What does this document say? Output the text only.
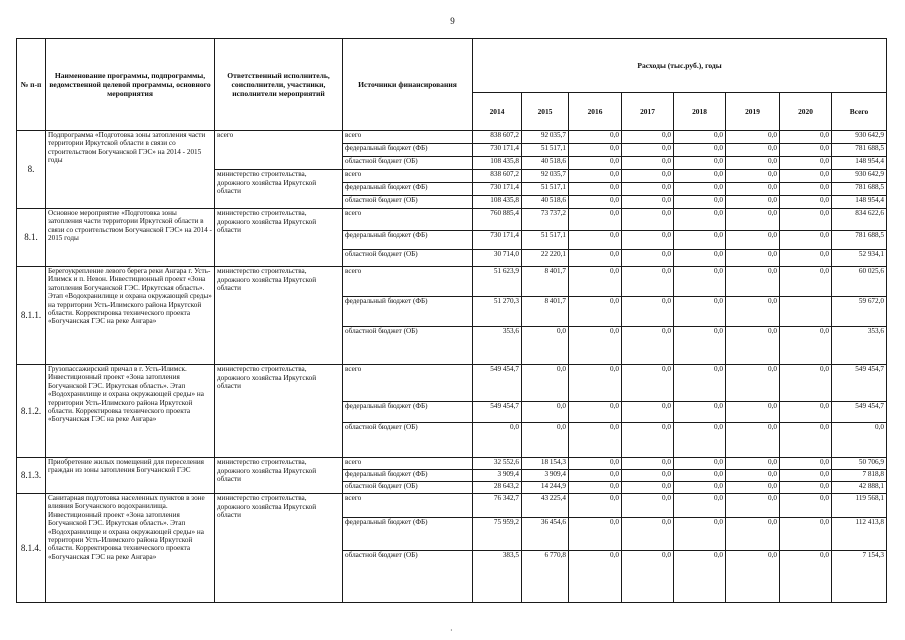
9
№ п-п	Наименование программы, подпрограммы, ведомственной целевой программы, основного мероприятия	Ответственный исполнитель, соисполнители, участники, исполнители мероприятий	Источники финансирования	Расходы (тыс.руб.), годы							
				2014	2015	2016	2017	2018	2019	2020	Всего
8.	Подпрограмма «Подготовка зоны затопления части территории Иркутской области в связи со строительством Богучанской ГЭС» на 2014 - 2015 годы	всего	всего	838 607,2	92 035,7	0,0	0,0	0,0	0,0	0,0	930 642,9
			федеральный бюджет (ФБ)	730 171,4	51 517,1	0,0	0,0	0,0	0,0	0,0	781 688,5
			областной бюджет (ОБ)	108 435,8	40 518,6	0,0	0,0	0,0	0,0	0,0	148 954,4
		министерство строительства, дорожного хозяйства Иркутской области	всего	838 607,2	92 035,7	0,0	0,0	0,0	0,0	0,0	930 642,9
			федеральный бюджет (ФБ)	730 171,4	51 517,1	0,0	0,0	0,0	0,0	0,0	781 688,5
			областной бюджет (ОБ)	108 435,8	40 518,6	0,0	0,0	0,0	0,0	0,0	148 954,4
8.1.	Основное мероприятие «Подготовка зоны затопления части территории Иркутской области в связи со строительством Богучанской ГЭС» на 2014 - 2015 годы	министерство строительства, дорожного хозяйства Иркутской области	всего	760 885,4	73 737,2	0,0	0,0	0,0	0,0	0,0	834 622,6
			федеральный бюджет (ФБ)	730 171,4	51 517,1	0,0	0,0	0,0	0,0	0,0	781 688,5
			областной бюджет (ОБ)	30 714,0	22 220,1	0,0	0,0	0,0	0,0	0,0	52 934,1
8.1.1.	Берегоукрепление левого берега реки Ангара г. Усть-Илимск и п. Невон. Инвестиционный проект «Зона затопления Богучанской ГЭС. Иркутская область». Этап «Водохранилище и охрана окружающей среды» на территории Усть-Илимского района Иркутской области. Корректировка технического проекта «Богучанская ГЭС на реке Ангара»	министерство строительства, дорожного хозяйства Иркутской области	всего	51 623,9	8 401,7	0,0	0,0	0,0	0,0	0,0	60 025,6
			федеральный бюджет (ФБ)	51 270,3	8 401,7	0,0	0,0	0,0	0,0		59 672,0
			областной бюджет (ОБ)	353,6	0,0	0,0	0,0	0,0	0,0	0,0	353,6
8.1.2.	Грузопассажирский причал в г. Усть-Илимск. Инвестиционный проект «Зона затопления Богучанской ГЭС. Иркутская область». Этап «Водохранилище и охрана окружающей среды» на территории Усть-Илимского района Иркутской области. Корректировка технического проекта «Богучанская ГЭС на реке Ангара»	министерство строительства, дорожного хозяйства Иркутской области	всего	549 454,7	0,0	0,0	0,0	0,0	0,0	0,0	549 454,7
			федеральный бюджет (ФБ)	549 454,7	0,0	0,0	0,0	0,0	0,0	0,0	549 454,7
			областной бюджет (ОБ)	0,0	0,0	0,0	0,0	0,0	0,0	0,0	0,0
8.1.3.	Приобретение жилых помещений для переселения граждан из зоны затопления Богучанской ГЭС	министерство строительства, дорожного хозяйства Иркутской области	всего	32 552,6	18 154,3	0,0	0,0	0,0	0,0	0,0	50 706,9
			федеральный бюджет (ФБ)	3 909,4	3 909,4	0,0	0,0	0,0	0,0	0,0	7 818,8
			областной бюджет (ОБ)	28 643,2	14 244,9	0,0	0,0	0,0	0,0	0,0	42 888,1
8.1.4.	Санитарная подготовка населенных пунктов в зоне влияния Богучанского водохранилища. Инвестиционный проект «Зона затопления Богучанской ГЭС. Иркутская область». Этап «Водохранилище и охрана окружающей среды» на территории Усть-Илимского района Иркутской области. Корректировка технического проекта «Богучанская ГЭС на реке Ангара»	министерство строительства, дорожного хозяйства Иркутской области	всего	76 342,7	43 225,4	0,0	0,0	0,0	0,0	0,0	119 568,1
			федеральный бюджет (ФБ)	75 959,2	36 454,6	0,0	0,0	0,0	0,0	0,0	112 413,8
			областной бюджет (ОБ)	383,5	6 770,8	0,0	0,0	0,0	0,0	0,0	7 154,3
·
